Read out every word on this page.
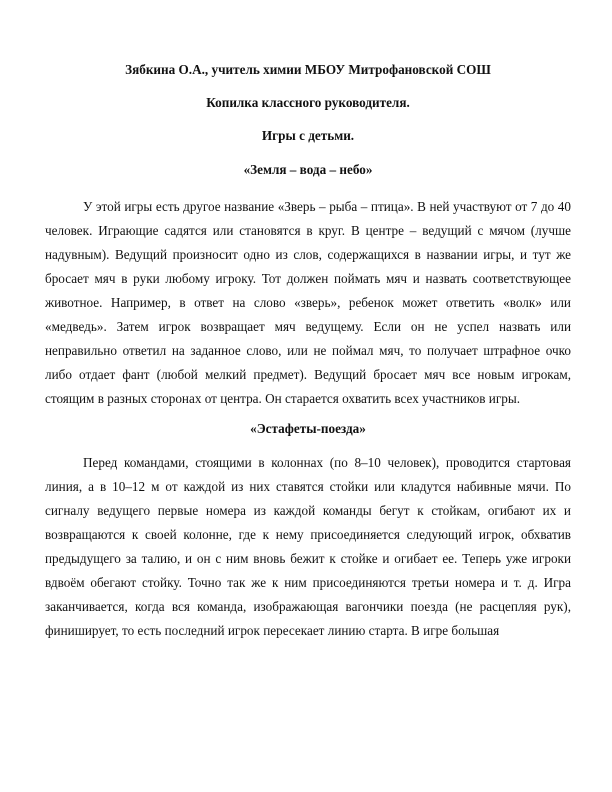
Зябкина О.А., учитель химии МБОУ Митрофановской СОШ
Копилка классного руководителя.
Игры с детьми.
«Земля – вода – небо»

У этой игры есть другое название «Зверь – рыба – птица». В ней участвуют от 7 до 40 человек. Играющие садятся или становятся в круг. В центре – ведущий с мячом (лучше надувным). Ведущий произносит одно из слов, содержащихся в названии игры, и тут же бросает мяч в руки любому игроку. Тот должен поймать мяч и назвать соответствующее животное. Например, в ответ на слово «зверь», ребенок может ответить «волк» или «медведь». Затем игрок возвращает мяч ведущему. Если он не успел назвать или неправильно ответил на заданное слово, или не поймал мяч, то получает штрафное очко либо отдает фант (любой мелкий предмет). Ведущий бросает мяч все новым игрокам, стоящим в разных сторонах от центра. Он старается охватить всех участников игры.

«Эстафеты-поезда»

Перед командами, стоящими в колоннах (по 8–10 человек), проводится стартовая линия, а в 10–12 м от каждой из них ставятся стойки или кладутся набивные мячи. По сигналу ведущего первые номера из каждой команды бегут к стойкам, огибают их и возвращаются к своей колонне, где к нему присоединяется следующий игрок, обхватив предыдущего за талию, и он с ним вновь бежит к стойке и огибает ее. Теперь уже игроки вдвоём обегают стойку. Точно так же к ним присоединяются третьи номера и т. д. Игра заканчивается, когда вся команда, изображающая вагончики поезда (не расцепляя рук), финиширует, то есть последний игрок пересекает линию старта. В игре большая
